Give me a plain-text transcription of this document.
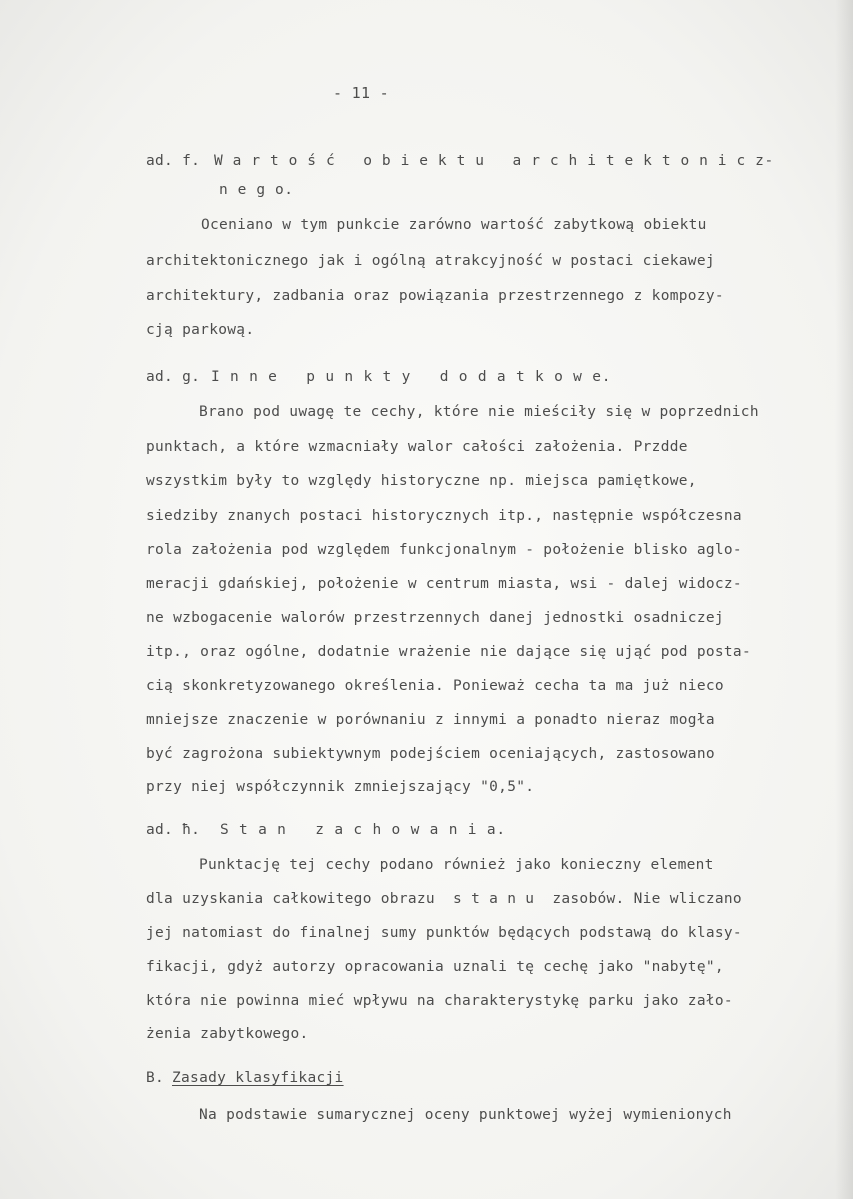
- 11 -
ad. f. W a r t o ś ć   o b i e k t u   a r c h i t e k t o n i c z-
n e g o.
Oceniano w tym punkcie zarówno wartość zabytkową obiektu
architektonicznego jak i ogólną atrakcyjność w postaci ciekawej
architektury, zadbania oraz powiązania przestrzennego z kompozy-
cją parkową.
ad. g. I n n e   p u n k t y   d o d a t k o w e.
Brano pod uwagę te cechy, które nie mieściły się w poprzednich
punktach, a które wzmacniały walor całości założenia. Przdde
wszystkim były to względy historyczne np. miejsca pamiętkowe,
siedziby znanych postaci historycznych itp., następnie współczesna
rola założenia pod względem funkcjonalnym - położenie blisko aglo-
meracji gdańskiej, położenie w centrum miasta, wsi - dalej widocz-
ne wzbogacenie walorów przestrzennych danej jednostki osadniczej
itp., oraz ogólne, dodatnie wrażenie nie dające się ująć pod posta-
cią skonkretyzowanego określenia. Ponieważ cecha ta ma już nieco
mniejsze znaczenie w porównaniu z innymi a ponadto nieraz mogła
być zagrożona subiektywnym podejściem oceniających, zastosowano
przy niej współczynnik zmniejszający "0,5".
ad. ħ. S t a n   z a c h o w a n i a.
Punktację tej cechy podano również jako konieczny element
dla uzyskania całkowitego obrazu  s t a n u  zasobów. Nie wliczano
jej natomiast do finalnej sumy punktów będących podstawą do klasy-
fikacji, gdyż autorzy opracowania uznali tę cechę jako "nabytę",
która nie powinna mieć wpływu na charakterystykę parku jako zało-
żenia zabytkowego.
B. Zasady klasyfikacji
Na podstawie sumarycznej oceny punktowej wyżej wymienionych
